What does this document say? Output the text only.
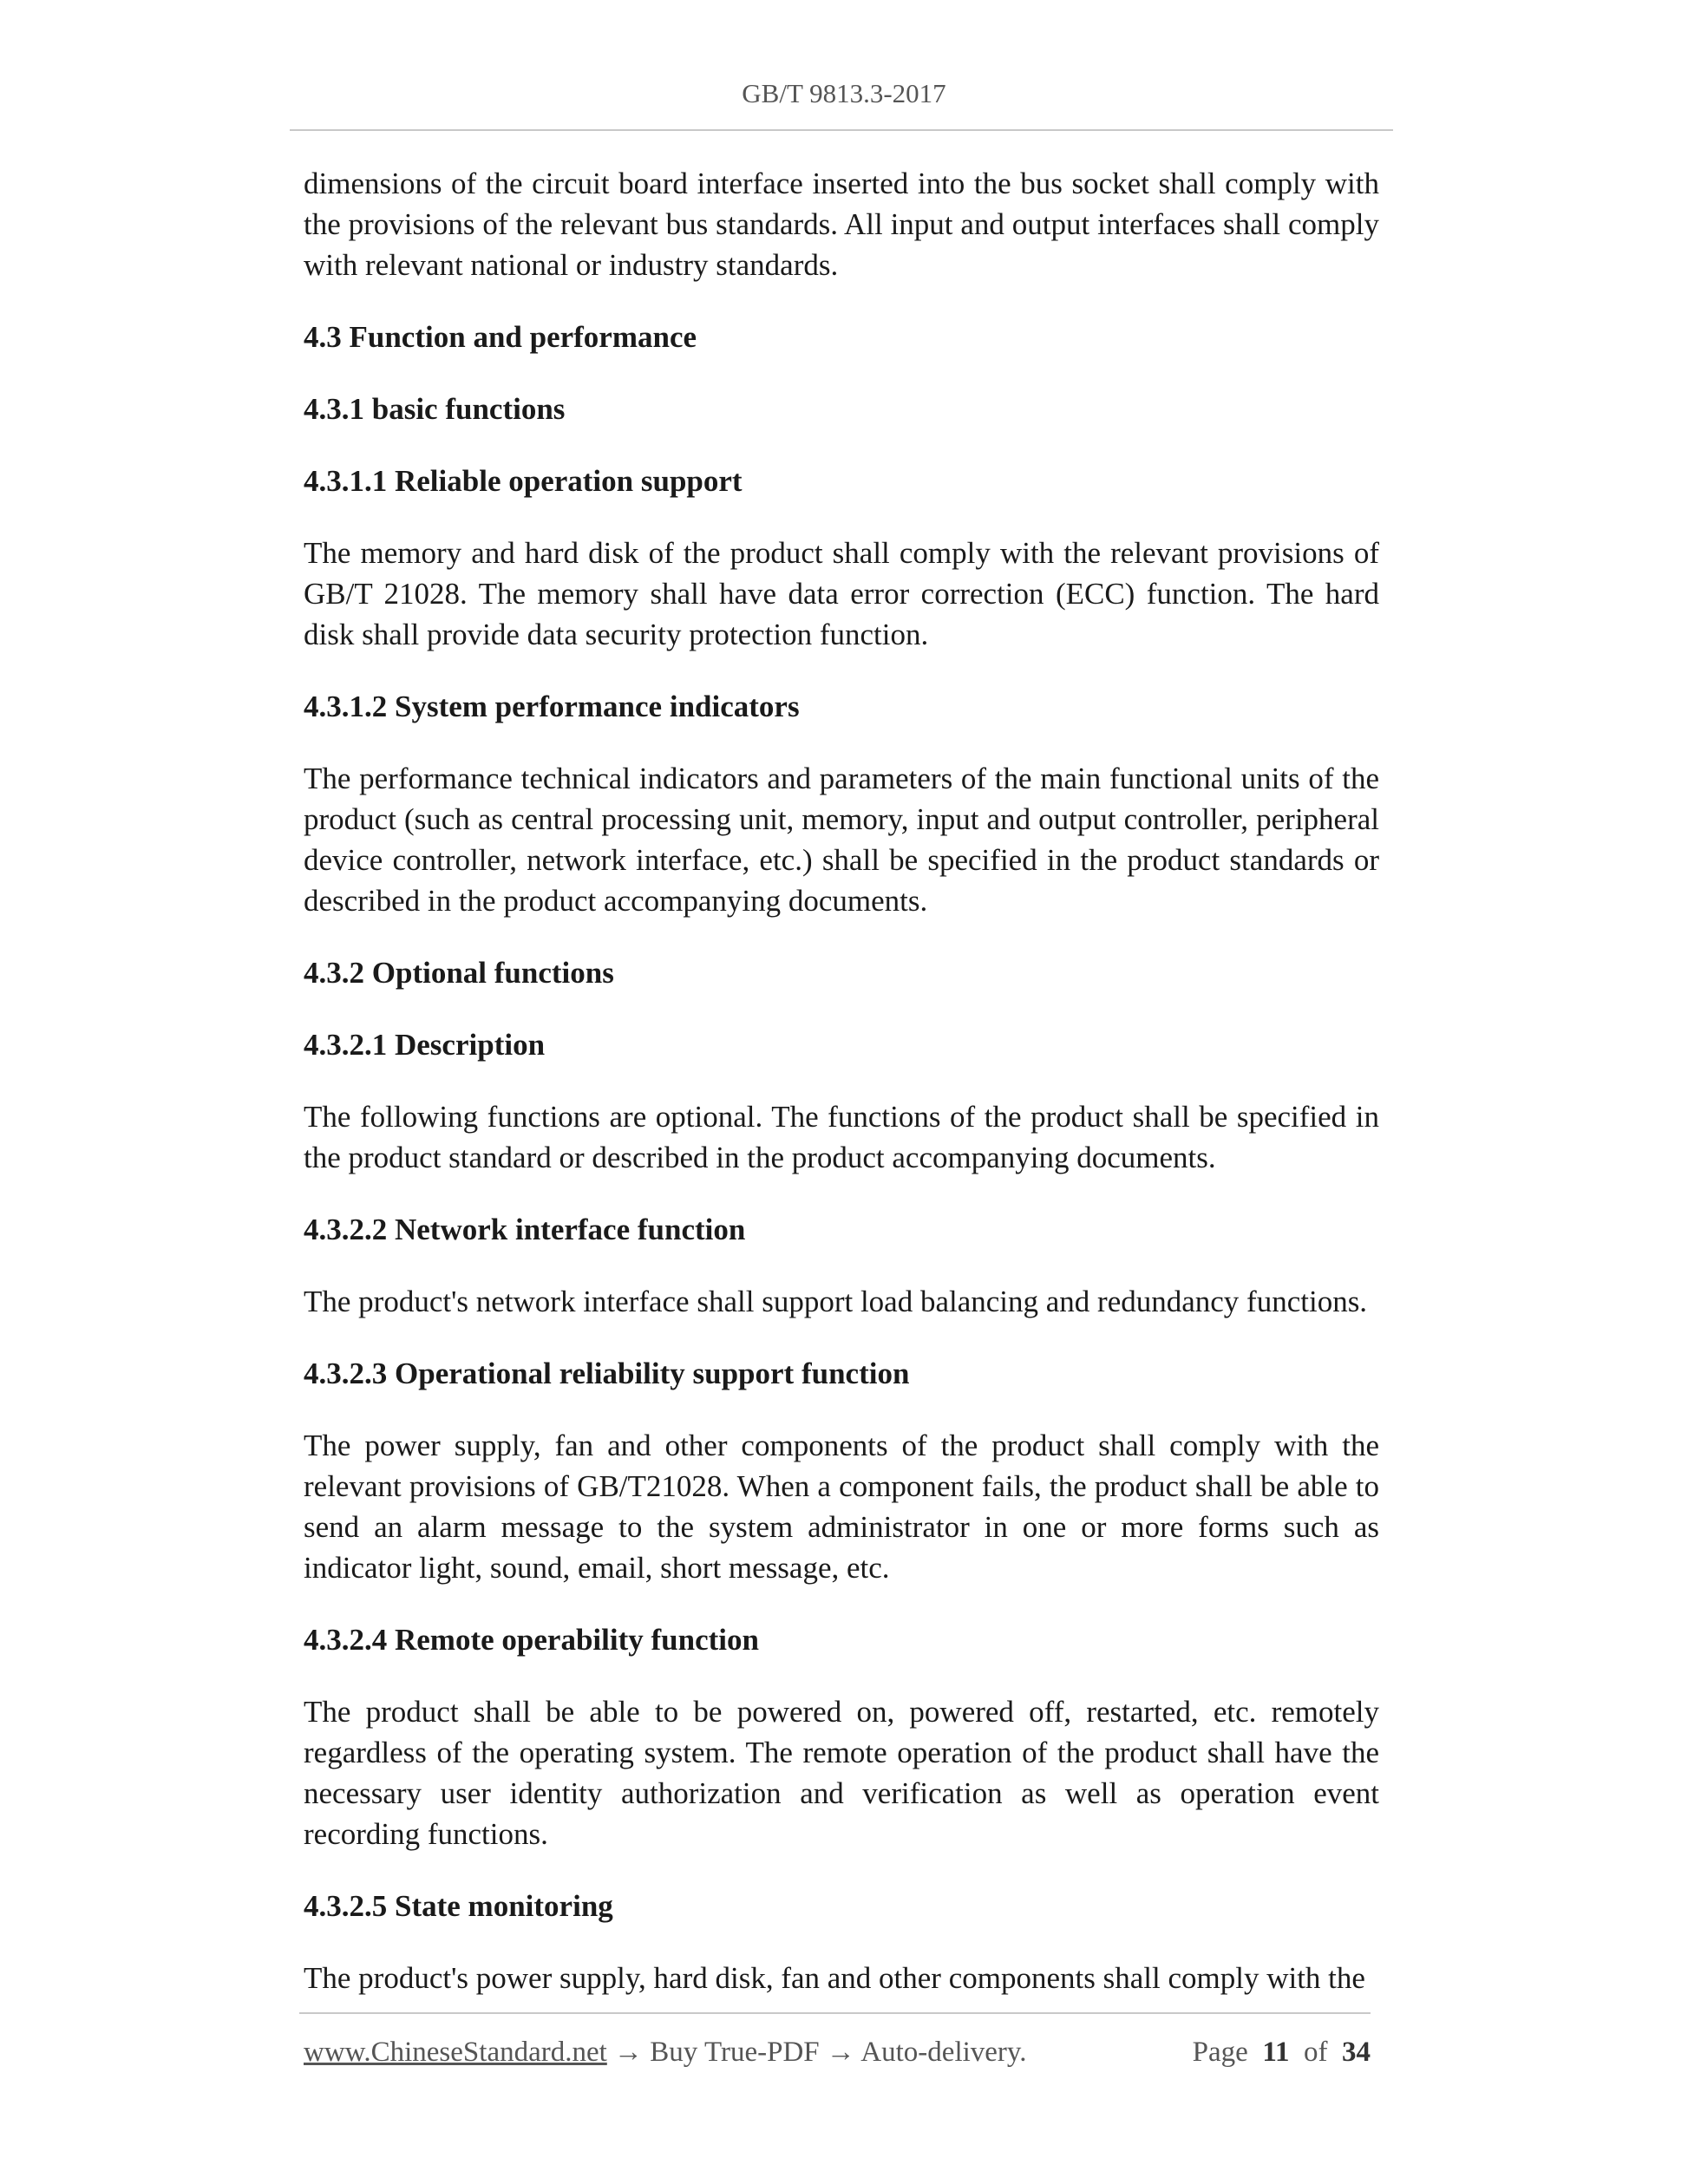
GB/T 9813.3-2017

dimensions of the circuit board interface inserted into the bus socket shall comply with the provisions of the relevant bus standards. All input and output interfaces shall comply with relevant national or industry standards.

4.3 Function and performance
4.3.1 basic functions
4.3.1.1 Reliable operation support

The memory and hard disk of the product shall comply with the relevant provisions of GB/T 21028. The memory shall have data error correction (ECC) function. The hard disk shall provide data security protection function.

4.3.1.2 System performance indicators

The performance technical indicators and parameters of the main functional units of the product (such as central processing unit, memory, input and output controller, peripheral device controller, network interface, etc.) shall be specified in the product standards or described in the product accompanying documents.

4.3.2 Optional functions
4.3.2.1 Description

The following functions are optional. The functions of the product shall be specified in the product standard or described in the product accompanying documents.

4.3.2.2 Network interface function

The product's network interface shall support load balancing and redundancy functions.

4.3.2.3 Operational reliability support function

The power supply, fan and other components of the product shall comply with the relevant provisions of GB/T21028. When a component fails, the product shall be able to send an alarm message to the system administrator in one or more forms such as indicator light, sound, email, short message, etc.

4.3.2.4 Remote operability function

The product shall be able to be powered on, powered off, restarted, etc. remotely regardless of the operating system. The remote operation of the product shall have the necessary user identity authorization and verification as well as operation event recording functions.

4.3.2.5 State monitoring

The product's power supply, hard disk, fan and other components shall comply with the

www.ChineseStandard.net → Buy True-PDF → Auto-delivery.	Page 11 of 34
